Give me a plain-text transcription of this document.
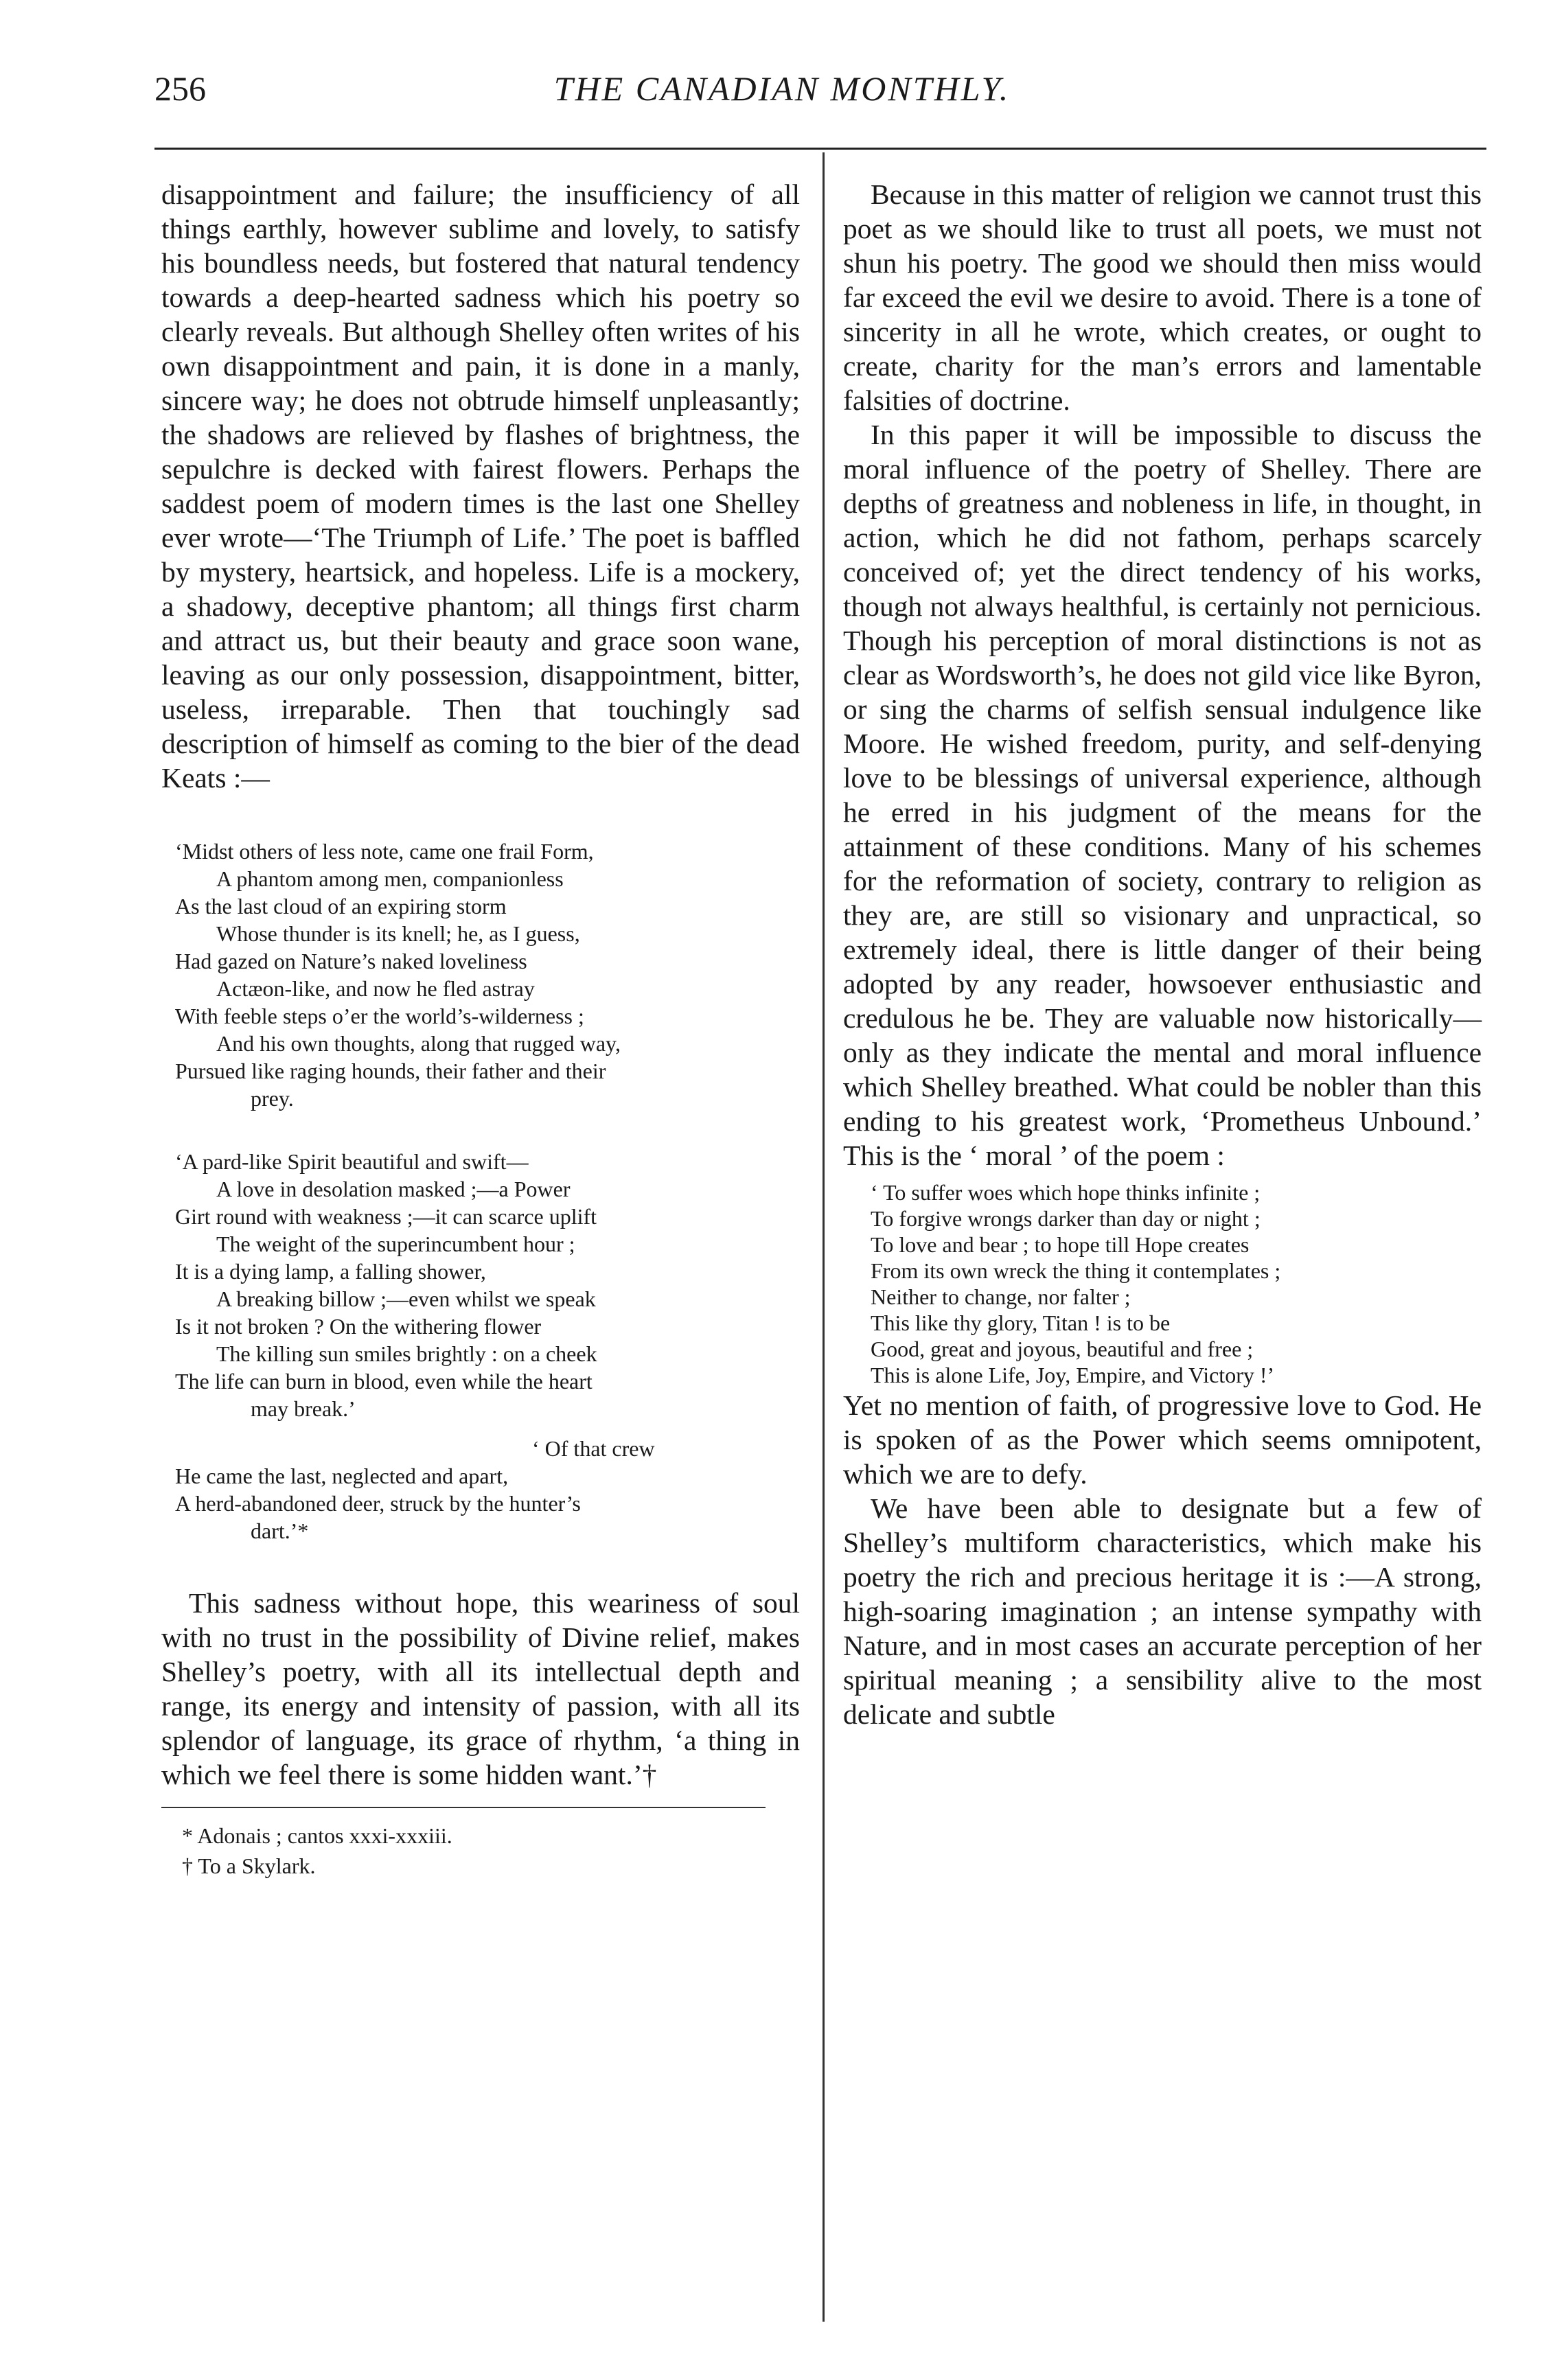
256	THE CANADIAN MONTHLY.

disappointment and failure; the insufficiency of all things earthly, however sublime and lovely, to satisfy his boundless needs, but fostered that natural tendency towards a deep-hearted sadness which his poetry so clearly reveals. But although Shelley often writes of his own disappointment and pain, it is done in a manly, sincere way; he does not obtrude himself unpleasantly; the shadows are relieved by flashes of brightness, the sepulchre is decked with fairest flowers. Perhaps the saddest poem of modern times is the last one Shelley ever wrote—‘The Triumph of Life.’ The poet is baffled by mystery, heartsick, and hopeless. Life is a mockery, a shadowy, deceptive phantom; all things first charm and attract us, but their beauty and grace soon wane, leaving as our only possession, disappointment, bitter, useless, irreparable. Then that touchingly sad description of himself as coming to the bier of the dead Keats :—

‘Midst others of less note, came one frail Form,
A phantom among men, companionless
As the last cloud of an expiring storm
Whose thunder is its knell; he, as I guess,
Had gazed on Nature’s naked loveliness
Actæon-like, and now he fled astray
With feeble steps o’er the world’s-wilderness ;
And his own thoughts, along that rugged way,
Pursued like raging hounds, their father and their
prey.
‘A pard-like Spirit beautiful and swift—
A love in desolation masked ;—a Power
Girt round with weakness ;—it can scarce uplift
The weight of the superincumbent hour ;
It is a dying lamp, a falling shower,
A breaking billow ;—even whilst we speak
Is it not broken ? On the withering flower
The killing sun smiles brightly : on a cheek
The life can burn in blood, even while the heart
may break.’
‘ Of that crew
He came the last, neglected and apart,
A herd-abandoned deer, struck by the hunter’s
dart.’*

This sadness without hope, this weariness of soul with no trust in the possibility of Divine relief, makes Shelley’s poetry, with all its intellectual depth and range, its energy and intensity of passion, with all its splendor of language, its grace of rhythm, ‘a thing in which we feel there is some hidden want.’†

* Adonais ; cantos xxxi-xxxiii.
† To a Skylark.

Because in this matter of religion we cannot trust this poet as we should like to trust all poets, we must not shun his poetry. The good we should then miss would far exceed the evil we desire to avoid. There is a tone of sincerity in all he wrote, which creates, or ought to create, charity for the man’s errors and lamentable falsities of doctrine.

In this paper it will be impossible to discuss the moral influence of the poetry of Shelley. There are depths of greatness and nobleness in life, in thought, in action, which he did not fathom, perhaps scarcely conceived of; yet the direct tendency of his works, though not always healthful, is certainly not pernicious. Though his perception of moral distinctions is not as clear as Wordsworth’s, he does not gild vice like Byron, or sing the charms of selfish sensual indulgence like Moore. He wished freedom, purity, and self-denying love to be blessings of universal experience, although he erred in his judgment of the means for the attainment of these conditions. Many of his schemes for the reformation of society, contrary to religion as they are, are still so visionary and unpractical, so extremely ideal, there is little danger of their being adopted by any reader, howsoever enthusiastic and credulous he be. They are valuable now historically—only as they indicate the mental and moral influence which Shelley breathed. What could be nobler than this ending to his greatest work, ‘Prometheus Unbound.’ This is the ‘ moral ’ of the poem :

‘ To suffer woes which hope thinks infinite ;
To forgive wrongs darker than day or night ;
To love and bear ; to hope till Hope creates
From its own wreck the thing it contemplates ;
Neither to change, nor falter ;
This like thy glory, Titan ! is to be
Good, great and joyous, beautiful and free ;
This is alone Life, Joy, Empire, and Victory !’

Yet no mention of faith, of progressive love to God. He is spoken of as the Power which seems omnipotent, which we are to defy.

We have been able to designate but a few of Shelley’s multiform characteristics, which make his poetry the rich and precious heritage it is :—A strong, high-soaring imagination ; an intense sympathy with Nature, and in most cases an accurate perception of her spiritual meaning ; a sensibility alive to the most delicate and subtle
